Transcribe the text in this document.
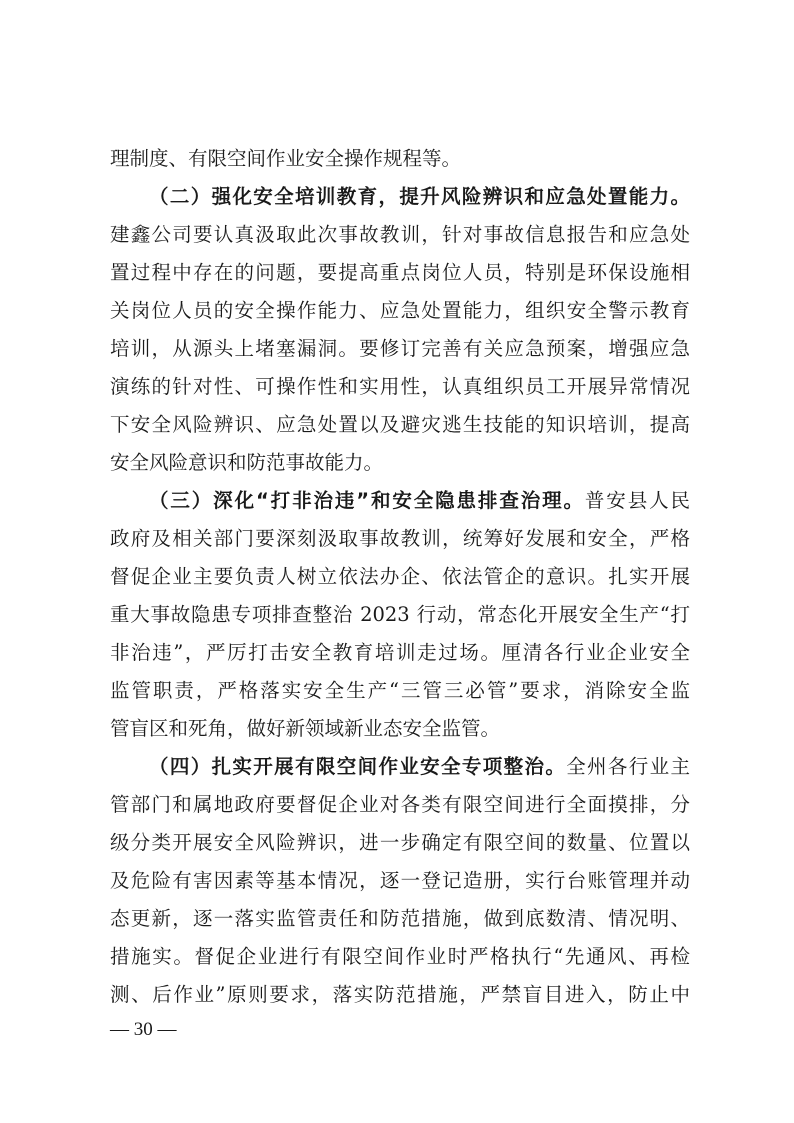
理制度、有限空间作业安全操作规程等。
（二）强化安全培训教育，提升风险辨识和应急处置能力。
建鑫公司要认真汲取此次事故教训，针对事故信息报告和应急处
置过程中存在的问题，要提高重点岗位人员，特别是环保设施相
关岗位人员的安全操作能力、应急处置能力，组织安全警示教育
培训，从源头上堵塞漏洞。要修订完善有关应急预案，增强应急
演练的针对性、可操作性和实用性，认真组织员工开展异常情况
下安全风险辨识、应急处置以及避灾逃生技能的知识培训，提高
安全风险意识和防范事故能力。
（三）深化“打非治违”和安全隐患排查治理。普安县人民
政府及相关部门要深刻汲取事故教训，统筹好发展和安全，严格
督促企业主要负责人树立依法办企、依法管企的意识。扎实开展
重大事故隐患专项排查整治 2023 行动，常态化开展安全生产“打
非治违”，严厉打击安全教育培训走过场。厘清各行业企业安全
监管职责，严格落实安全生产“三管三必管”要求，消除安全监
管盲区和死角，做好新领域新业态安全监管。
（四）扎实开展有限空间作业安全专项整治。全州各行业主
管部门和属地政府要督促企业对各类有限空间进行全面摸排，分
级分类开展安全风险辨识，进一步确定有限空间的数量、位置以
及危险有害因素等基本情况，逐一登记造册，实行台账管理并动
态更新，逐一落实监管责任和防范措施，做到底数清、情况明、
措施实。督促企业进行有限空间作业时严格执行“先通风、再检
测、后作业”原则要求，落实防范措施，严禁盲目进入，防止中
— 30 —
